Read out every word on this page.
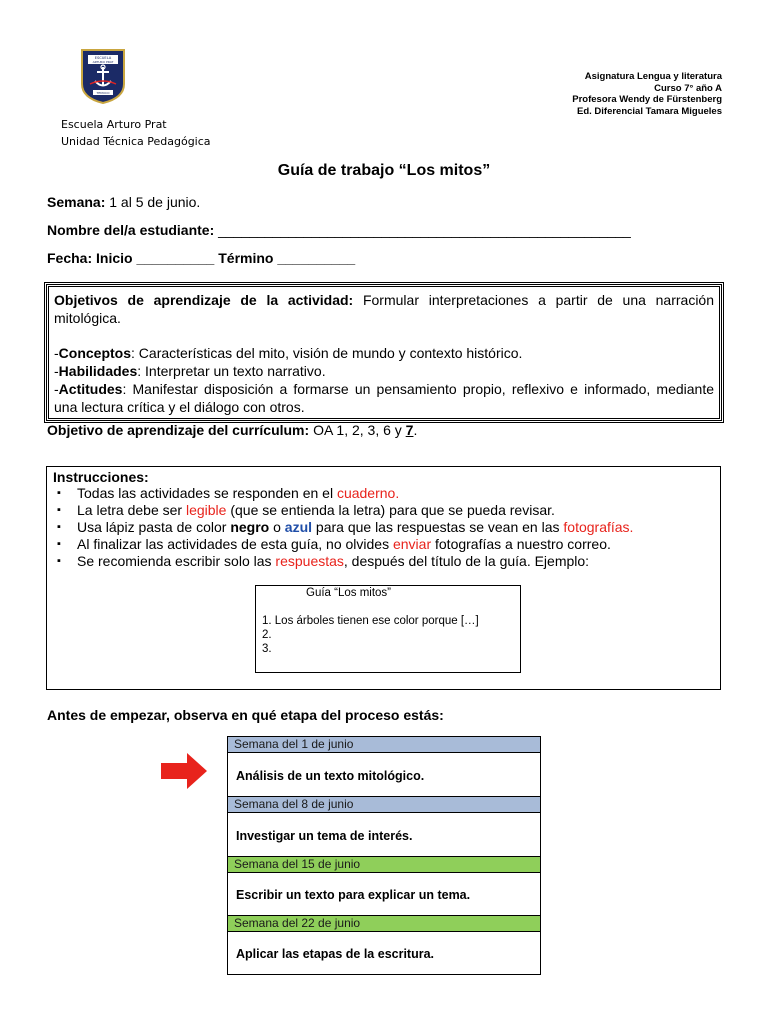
ESCUELA
ARTURO PRAT
TEMUCO
Escuela Arturo Prat
Unidad Técnica Pedagógica
Asignatura Lengua y literatura
Curso 7° año A
Profesora Wendy de Fürstenberg
Ed. Diferencial Tamara Migueles
Guía de trabajo “Los mitos”
Semana: 1 al 5 de junio.
Nombre del/a estudiante: _____________________________________________________
Fecha: Inicio __________ Término __________

Objetivos de aprendizaje de la actividad: Formular interpretaciones a partir de una narración mitológica.

-Conceptos: Características del mito, visión de mundo y contexto histórico.

-Habilidades: Interpretar un texto narrativo.

-Actitudes: Manifestar disposición a formarse un pensamiento propio, reflexivo e informado, mediante una lectura crítica y el diálogo con otros.

Objetivo de aprendizaje del currículum: OA 1, 2, 3, 6 y 7.
Instrucciones:
▪ Todas las actividades se responden en el cuaderno.
▪ La letra debe ser legible (que se entienda la letra) para que se pueda revisar.
▪ Usa lápiz pasta de color negro o azul para que las respuestas se vean en las fotografías.
▪ Al finalizar las actividades de esta guía, no olvides enviar fotografías a nuestro correo.
▪ Se recomienda escribir solo las respuestas, después del título de la guía. Ejemplo:
Guía “Los mitos”
1. Los árboles tienen ese color porque […]
2.
3.
Antes de empezar, observa en qué etapa del proceso estás:
Semana del 1 de junio
Análisis de un texto mitológico.
Semana del 8 de junio
Investigar un tema de interés.
Semana del 15 de junio
Escribir un texto para explicar un tema.
Semana del 22 de junio
Aplicar las etapas de la escritura.
